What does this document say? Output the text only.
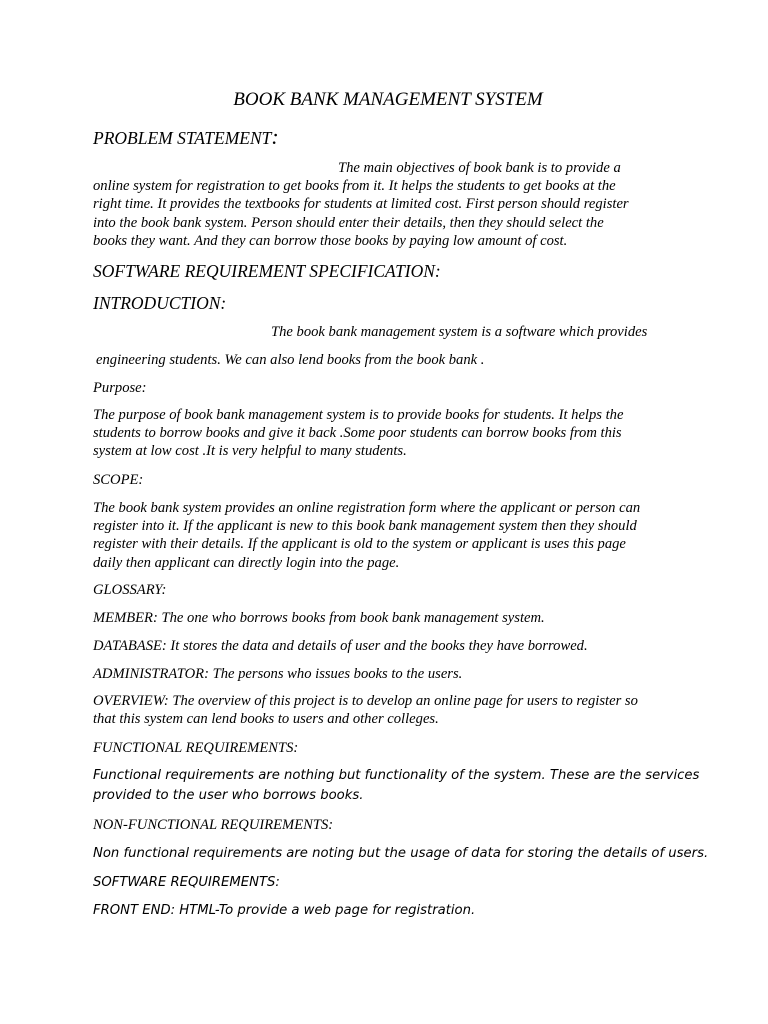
BOOK BANK MANAGEMENT SYSTEM
PROBLEM STATEMENT:
The main objectives of book bank is to provide a
online system for registration to get books from it. It helps the students to get books at the
right time. It provides the textbooks for students at limited cost. First person should register
into the book bank system. Person should enter their details, then they should select the
books they want. And they can borrow those books by paying low amount of cost.
SOFTWARE REQUIREMENT SPECIFICATION:
INTRODUCTION:
The book bank management system is a software which provides
engineering students. We can also lend books from the book bank .
Purpose:
The purpose of book bank management system is to provide books for students. It helps the
students to borrow books and give it back .Some poor students can borrow books from this
system at low cost .It is very helpful to many students.
SCOPE:
The book bank system provides an online registration form where the applicant or person can
register into it. If the applicant is new to this book bank management system then they should
register with their details. If the applicant is old to the system or applicant is uses this page
daily then applicant can directly login into the page.
GLOSSARY:
MEMBER: The one who borrows books from book bank management system.
DATABASE: It stores the data and details of user and the books they have borrowed.
ADMINISTRATOR: The persons who issues books to the users.
OVERVIEW: The overview of this project is to develop an online page for users to register so
that this system can lend books to users and other colleges.
FUNCTIONAL REQUIREMENTS:
Functional requirements are nothing but functionality of the system. These are the services
provided to the user who borrows books.
NON-FUNCTIONAL REQUIREMENTS:
Non functional requirements are noting but the usage of data for storing the details of users.
SOFTWARE REQUIREMENTS:
FRONT END: HTML-To provide a web page for registration.
